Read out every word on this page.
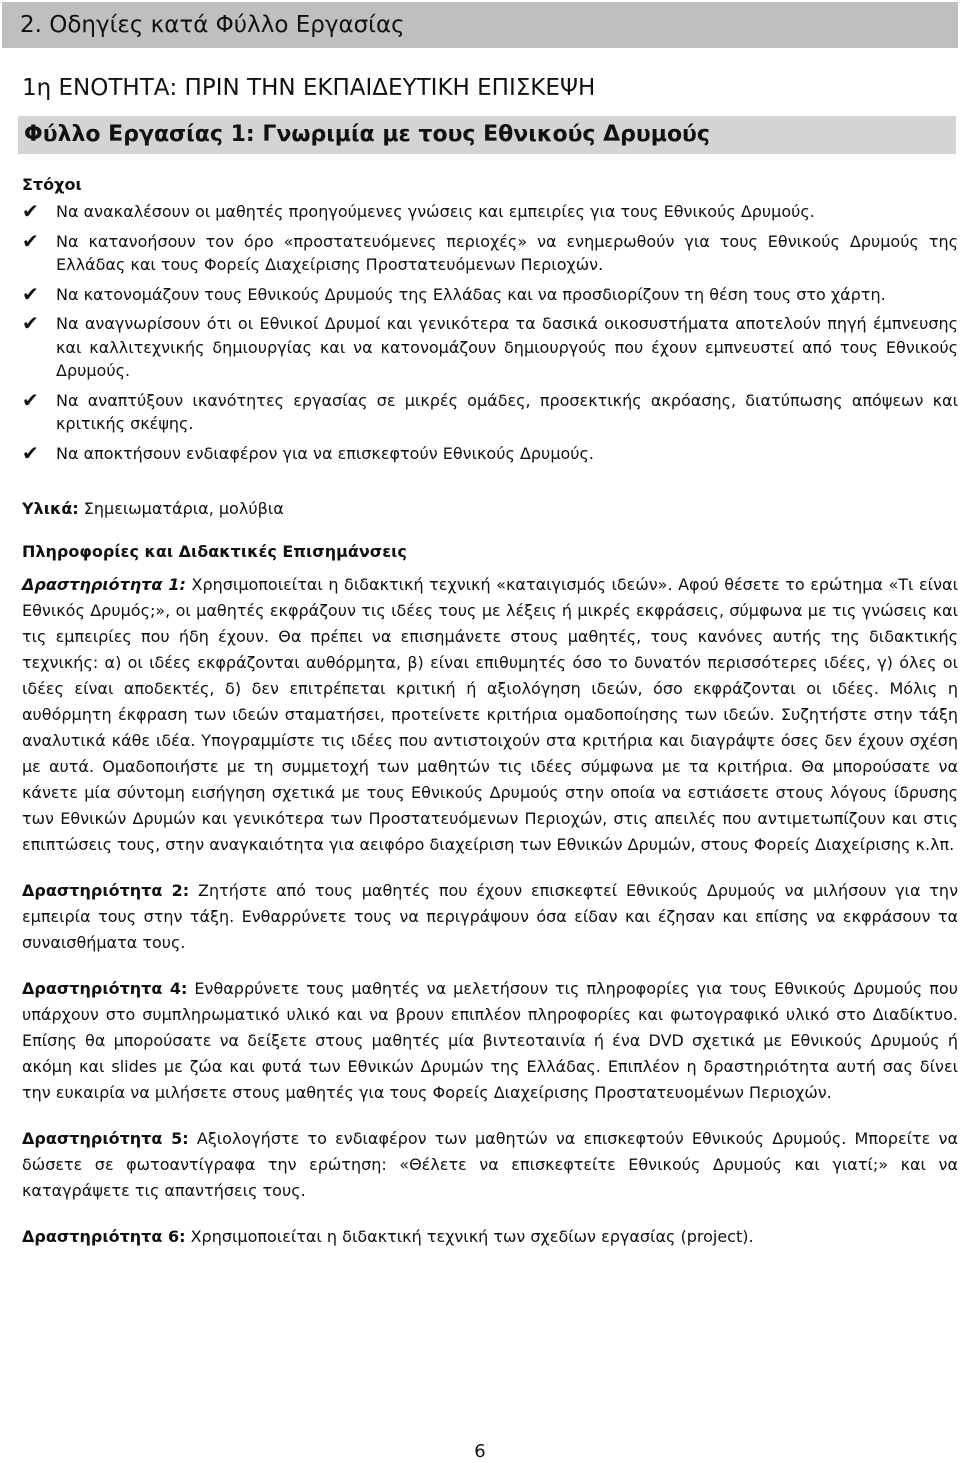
2. Οδηγίες κατά Φύλλο Εργασίας
1η ΕΝΟΤΗΤΑ: ΠΡΙΝ ΤΗΝ ΕΚΠΑΙΔΕΥΤΙΚΗ ΕΠΙΣΚΕΨΗ
Φύλλο Εργασίας 1: Γνωριμία με τους Εθνικούς Δρυμούς
Στόχοι
✔	Να ανακαλέσουν οι μαθητές προηγούμενες γνώσεις και εμπειρίες για τους Εθνικούς Δρυμούς.
✔	Να κατανοήσουν τον όρο «προστατευόμενες περιοχές» να ενημερωθούν για τους Εθνικούς Δρυμούς της Ελλάδας και τους Φορείς Διαχείρισης Προστατευόμενων Περιοχών.
✔	Να κατονομάζουν τους Εθνικούς Δρυμούς της Ελλάδας και να προσδιορίζουν τη θέση τους στο χάρτη.
✔	Να αναγνωρίσουν ότι οι Εθνικοί Δρυμοί και γενικότερα τα δασικά οικοσυστήματα αποτελούν πηγή έμπνευσης και καλλιτεχνικής δημιουργίας και να κατονομάζουν δημιουργούς που έχουν εμπνευστεί από τους Εθνικούς Δρυμούς.
✔	Να αναπτύξουν ικανότητες εργασίας σε μικρές ομάδες, προσεκτικής ακρόασης, διατύπωσης απόψεων και κριτικής σκέψης.
✔	Να αποκτήσουν ενδιαφέρον για να επισκεφτούν Εθνικούς Δρυμούς.
Υλικά: Σημειωματάρια, μολύβια
Πληροφορίες και Διδακτικές Επισημάνσεις

Δραστηριότητα 1: Χρησιμοποιείται η διδακτική τεχνική «καταιγισμός ιδεών». Αφού θέσετε το ερώτημα «Τι είναι Εθνικός Δρυμός;», οι μαθητές εκφράζουν τις ιδέες τους με λέξεις ή μικρές εκφράσεις, σύμφωνα με τις γνώσεις και τις εμπειρίες που ήδη έχουν. Θα πρέπει να επισημάνετε στους μαθητές, τους κανόνες αυτής της διδακτικής τεχνικής: α) οι ιδέες εκφράζονται αυθόρμητα, β) είναι επιθυμητές όσο το δυνατόν περισσότερες ιδέες, γ) όλες οι ιδέες είναι αποδεκτές, δ) δεν επιτρέπεται κριτική ή αξιολόγηση ιδεών, όσο εκφράζονται οι ιδέες. Μόλις η αυθόρμητη έκφραση των ιδεών σταματήσει, προτείνετε κριτήρια ομαδοποίησης των ιδεών. Συζητήστε στην τάξη αναλυτικά κάθε ιδέα. Υπογραμμίστε τις ιδέες που αντιστοιχούν στα κριτήρια και διαγράψτε όσες δεν έχουν σχέση με αυτά. Ομαδοποιήστε με τη συμμετοχή των μαθητών τις ιδέες σύμφωνα με τα κριτήρια. Θα μπορούσατε να κάνετε μία σύντομη εισήγηση σχετικά με τους Εθνικούς Δρυμούς στην οποία να εστιάσετε στους λόγους ίδρυσης των Εθνικών Δρυμών και γενικότερα των Προστατευόμενων Περιοχών, στις απειλές που αντιμετωπίζουν και στις επιπτώσεις τους, στην αναγκαιότητα για αειφόρο διαχείριση των Εθνικών Δρυμών, στους Φορείς Διαχείρισης κ.λπ.

Δραστηριότητα 2: Ζητήστε από τους μαθητές που έχουν επισκεφτεί Εθνικούς Δρυμούς να μιλήσουν για την εμπειρία τους στην τάξη. Ενθαρρύνετε τους να περιγράψουν όσα είδαν και έζησαν και επίσης να εκφράσουν τα συναισθήματα τους.

Δραστηριότητα 4: Ενθαρρύνετε τους μαθητές να μελετήσουν τις πληροφορίες για τους Εθνικούς Δρυμούς που υπάρχουν στο συμπληρωματικό υλικό και να βρουν επιπλέον πληροφορίες και φωτογραφικό υλικό στο Διαδίκτυο. Επίσης θα μπορούσατε να δείξετε στους μαθητές μία βιντεοταινία ή ένα DVD σχετικά με Εθνικούς Δρυμούς ή ακόμη και slides με ζώα και φυτά των Εθνικών Δρυμών της Ελλάδας. Επιπλέον η δραστηριότητα αυτή σας δίνει την ευκαιρία να μιλήσετε στους μαθητές για τους Φορείς Διαχείρισης Προστατευομένων Περιοχών.

Δραστηριότητα 5: Αξιολογήστε το ενδιαφέρον των μαθητών να επισκεφτούν Εθνικούς Δρυμούς. Μπορείτε να δώσετε σε φωτοαντίγραφα την ερώτηση: «Θέλετε να επισκεφτείτε Εθνικούς Δρυμούς και γιατί;» και να καταγράψετε τις απαντήσεις τους.

Δραστηριότητα 6: Χρησιμοποιείται η διδακτική τεχνική των σχεδίων εργασίας (project).

6
